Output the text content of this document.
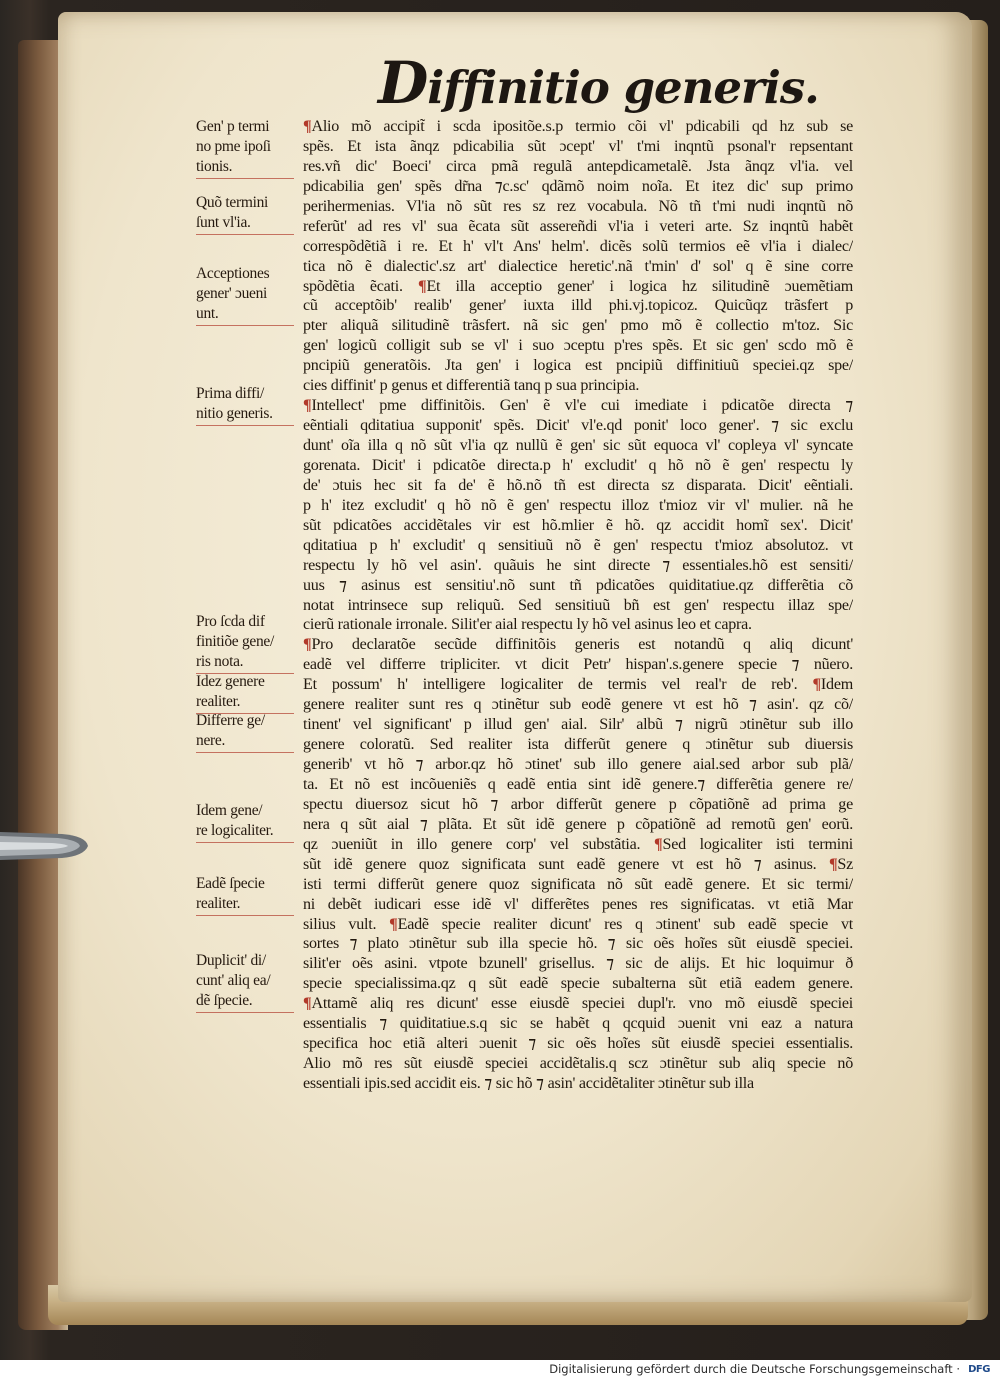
Diffinitio generis.
¶Alio mõ accipit̃ i scda ipositõe.s.p termio cõi vl' pdicabili qd hz sub se
spẽs. Et ista ãnqz pdicabilia sũt ɔcept' vl' t'mi inqntũ psonal'r repsentant
res.vñ dic' Boeci' circa pmã regulã antepdicametalẽ. Jsta ãnqz vl'ia. vel
pdicabilia gen' spẽs dr̃na ⁊c.sc' qdãmõ noim noĩa. Et itez dic' sup primo
perihermenias. Vl'ia nõ sũt res sz rez vocabula. Nõ tñ t'mi nudi inqntũ nõ
referũt' ad res vl' sua ẽcata sũt assereñdi vl'ia i veteri arte. Sz inqntũ habẽt
correspõdẽtiã i re. Et h' vl't Ans' helm'. dicẽs solũ termios eẽ vl'ia i dialec/
tica nõ ẽ dialectic'.sz art' dialectice heretic'.nã t'min' d' sol' q ẽ sine corre
spõdẽtia ẽcati. ¶Et illa acceptio gener' i logica hz silitudinẽ ɔuemẽtiam
cũ acceptõib' realib' gener' iuxta illd phi.vj.topicoz. Quicũqz trãsfert p
pter aliquã silitudinẽ trãsfert. nã sic gen' pmo mõ ẽ collectio m'toz. Sic
gen' logicũ colligit sub se vl' i suo ɔceptu p'res spẽs. Et sic gen' scdo mõ ẽ
pncipiũ generatõis. Jta gen' i logica est pncipiũ diffinitiuũ speciei.qz spe/
cies diffinit' p genus et differentiã tanq p sua principia.
¶Intellect' pme diffinitõis. Gen' ẽ vl'e cui imediate i pdicatõe directa ⁊
eẽntiali qditatiua supponit' spẽs. Dicit' vl'e.qd ponit' loco gener'. ⁊ sic exclu
dunt' oĩa illa q nõ sũt vl'ia qz nullũ ẽ gen' sic sũt equoca vl' copleya vl' syncate
gorenata. Dicit' i pdicatõe directa.p h' excludit' q hõ nõ ẽ gen' respectu ly
de' ɔtuis hec sit fa de' ẽ hõ.nõ tñ est directa sz disparata. Dicit' eẽntiali.
p h' itez excludit' q hõ nõ ẽ gen' respectu illoz t'mioz vir vl' mulier. nã he
sũt pdicatões accidẽtales vir est hõ.mlier ẽ hõ. qz accidit homĩ sex'. Dicit'
qditatiua p h' excludit' q sensitiuũ nõ ẽ gen' respectu t'mioz absolutoz. vt
respectu ly hõ vel asin'. quãuis he sint directe ⁊ essentiales.hõ est sensiti/
uus ⁊ asinus est sensitiu'.nõ sunt tñ pdicatões quiditatiue.qz differẽtia cõ
notat intrinsece sup reliquũ. Sed sensitiuũ bñ est gen' respectu illaz spe/
cierũ rationale irronale. Silit'er aial respectu ly hõ vel asinus leo et capra.
¶Pro declaratõe secũde diffinitõis generis est notandũ q aliq dicunt'
eadẽ vel differre tripliciter. vt dicit Petr' hispan'.s.genere specie ⁊ nũero.
Et possum' h' intelligere logicaliter de termis vel real'r de reb'. ¶Idem
genere realiter sunt res q ɔtinẽtur sub eodẽ genere vt est hõ ⁊ asin'. qz cõ/
tinent' vel significant' p illud gen' aial. Silr' albũ ⁊ nigrũ ɔtinẽtur sub illo
genere coloratũ. Sed realiter ista differũt genere q ɔtinẽtur sub diuersis
generib' vt hõ ⁊ arbor.qz hõ ɔtinet' sub illo genere aial.sed arbor sub plã/
ta. Et nõ est incõueniẽs q eadẽ entia sint idẽ genere.⁊ differẽtia genere re/
spectu diuersoz sicut hõ ⁊ arbor differũt genere p cõpatiõnẽ ad prima ge
nera q sũt aial ⁊ plãta. Et sũt idẽ genere p cõpatiõnẽ ad remotũ gen' eorũ.
qz ɔueniũt in illo genere corp' vel substãtia. ¶Sed logicaliter isti termini
sũt idẽ genere quoz significata sunt eadẽ genere vt est hõ ⁊ asinus. ¶Sz
isti termi differũt genere quoz significata nõ sũt eadẽ genere. Et sic termi/
ni debẽt iudicari esse idẽ vl' differẽtes penes res significatas. vt etiã Mar
silius vult. ¶Eadẽ specie realiter dicunt' res q ɔtinent' sub eadẽ specie vt
sortes ⁊ plato ɔtinẽtur sub illa specie hõ. ⁊ sic oẽs hoĩes sũt eiusdẽ speciei.
silit'er oẽs asini. vtpote bzunell' grisellus. ⁊ sic de alijs. Et hic loquimur ð
specie specialissima.qz q sũt eadẽ specie subalterna sũt etiã eadem genere.
¶Attamẽ aliq res dicunt' esse eiusdẽ speciei dupl'r. vno mõ eiusdẽ speciei
essentialis ⁊ quiditatiue.s.q sic se habẽt q qcquid ɔuenit vni eaz a natura
specifica hoc etiã alteri ɔuenit ⁊ sic oẽs hoĩes sũt eiusdẽ speciei essentialis.
Alio mõ res sũt eiusdẽ speciei accidẽtalis.q scz ɔtinẽtur sub aliq specie nõ
essentiali ipis.sed accidit eis. ⁊ sic hõ ⁊ asin' accidẽtaliter ɔtinẽtur sub illa
Gen' p termi
no pme ipoſi
tionis.
Quõ termini
ſunt vl'ia.
Acceptiones
gener' ɔueni
unt.
Prima diffi/
nitio generis.
Pro ſcda dif
finitiõe gene/
ris nota.
Idez genere
realiter.
Differre ge/
nere.
Idem gene/
re logicaliter.
Eadẽ ſpecie
realiter.
Duplicit' di/
cunt' aliq ea/
dẽ ſpecie.
Digitalisierung gefördert durch die Deutsche Forschungsgemeinschaft · DFG
